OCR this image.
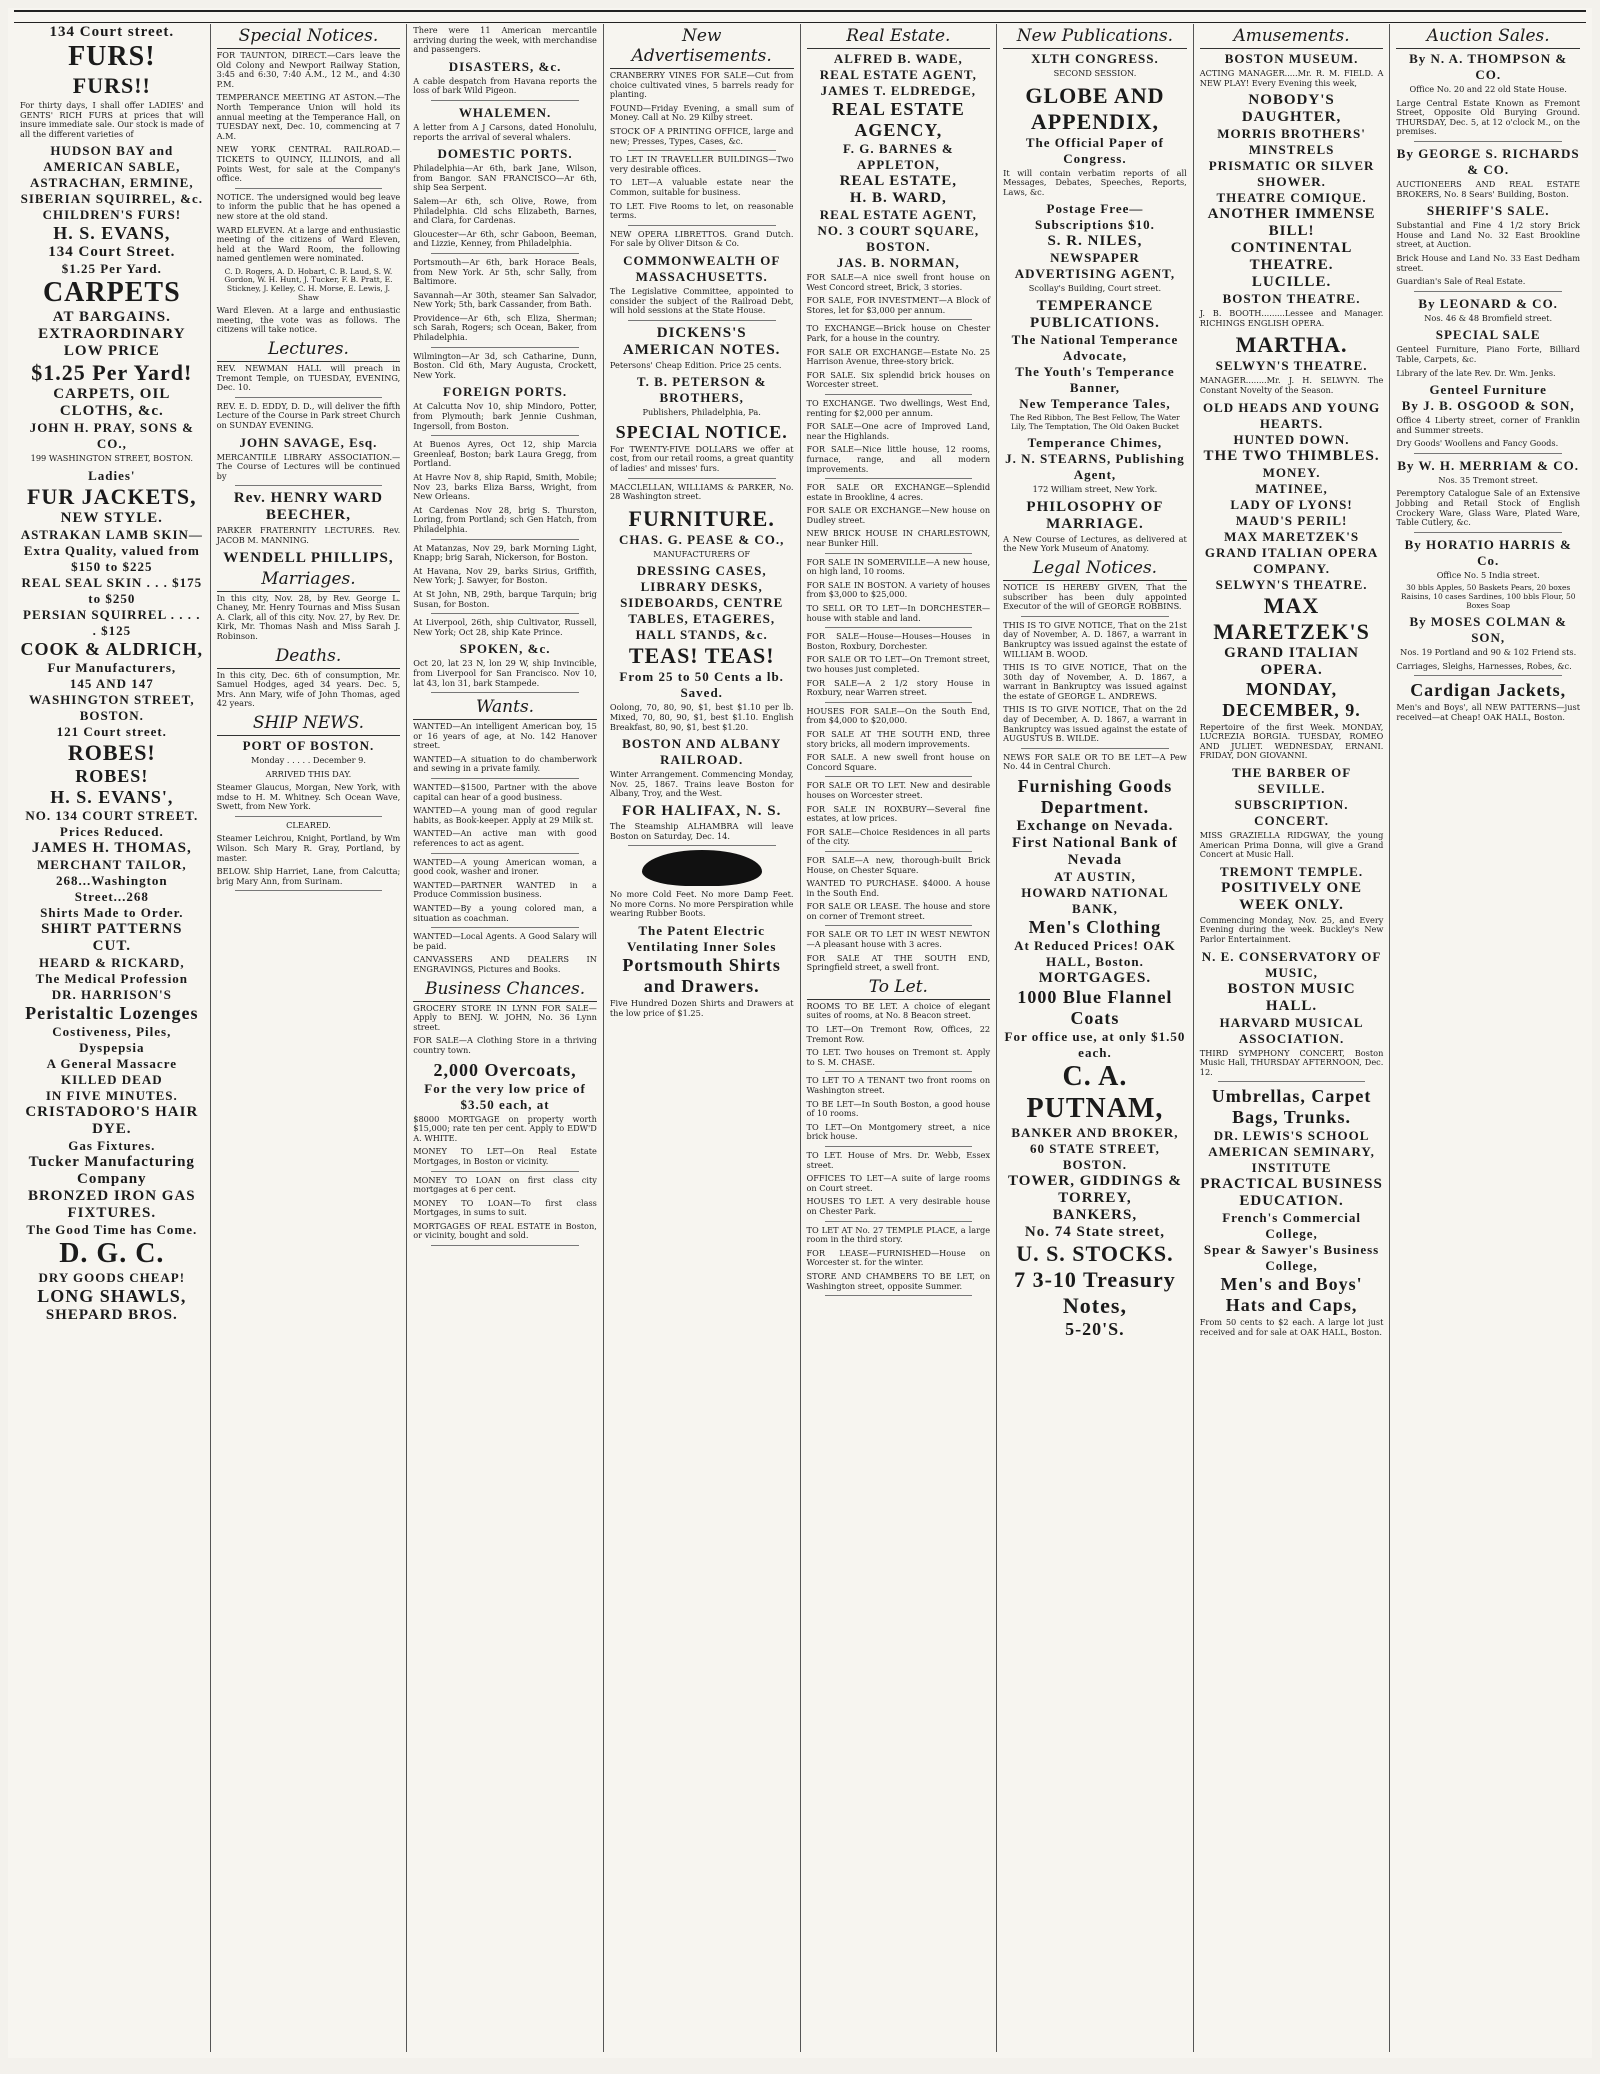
134 Court street.
FURS!
FURS!!
For thirty days, I shall offer LADIES' and GENTS' RICH FURS at prices that will insure immediate sale. Our stock is made of all the different varieties of
HUDSON BAY and AMERICAN SABLE, ASTRACHAN, ERMINE,
SIBERIAN SQUIRREL, &c.
CHILDREN'S FURS!
H. S. EVANS,
134 Court Street.
$1.25 Per Yard.
CARPETS
AT BARGAINS.
EXTRAORDINARY LOW PRICE
$1.25 Per Yard!
CARPETS, OIL CLOTHS, &c.
JOHN H. PRAY, SONS & CO.,
199 WASHINGTON STREET, BOSTON.
Ladies'
FUR JACKETS,
NEW STYLE.
ASTRAKAN LAMB SKIN—Extra Quality, valued from $150 to $225
REAL SEAL SKIN . . . $175 to $250
PERSIAN SQUIRREL . . . . . $125
COOK & ALDRICH,
Fur Manufacturers,
145 AND 147 WASHINGTON STREET,
BOSTON.
121 Court street.
ROBES!
ROBES!
H. S. EVANS',
NO. 134 COURT STREET.
Prices Reduced.
JAMES H. THOMAS,
MERCHANT TAILOR,
268...Washington Street...268
Shirts Made to Order.
SHIRT PATTERNS CUT.
HEARD & RICKARD,
The Medical Profession
DR. HARRISON'S
Peristaltic Lozenges
Costiveness, Piles, Dyspepsia
A General Massacre
KILLED DEAD
IN FIVE MINUTES.
CRISTADORO'S HAIR DYE.
Gas Fixtures.
Tucker Manufacturing Company
BRONZED IRON GAS FIXTURES.
The Good Time has Come.
D. G. C.
DRY GOODS CHEAP!
LONG SHAWLS,
SHEPARD BROS.
Special Notices.
FOR TAUNTON, DIRECT.—Cars leave the Old Colony and Newport Railway Station, 3:45 and 6:30, 7:40 A.M., 12 M., and 4:30 P.M.
TEMPERANCE MEETING AT ASTON.—The North Temperance Union will hold its annual meeting at the Temperance Hall, on TUESDAY next, Dec. 10, commencing at 7 A.M.
NEW YORK CENTRAL RAILROAD.—TICKETS to QUINCY, ILLINOIS, and all Points West, for sale at the Company's office.
NOTICE. The undersigned would beg leave to inform the public that he has opened a new store at the old stand.
WARD ELEVEN. At a large and enthusiastic meeting of the citizens of Ward Eleven, held at the Ward Room, the following named gentlemen were nominated.
C. D. Rogers, A. D. Hobart, C. B. Laud, S. W. Gordon, W. H. Hunt, J. Tucker, F. B. Pratt, E. Stickney, J. Kelley, C. H. Morse, E. Lewis, J. Shaw
Ward Eleven. At a large and enthusiastic meeting, the vote was as follows. The citizens will take notice.
Lectures.
REV. NEWMAN HALL will preach in Tremont Temple, on TUESDAY, EVENING, Dec. 10.
REV. E. D. EDDY, D. D., will deliver the fifth Lecture of the Course in Park street Church on SUNDAY EVENING.
JOHN SAVAGE, Esq.
MERCANTILE LIBRARY ASSOCIATION.—The Course of Lectures will be continued by
Rev. HENRY WARD BEECHER,
PARKER FRATERNITY LECTURES. Rev. JACOB M. MANNING.
WENDELL PHILLIPS,
Marriages.
In this city, Nov. 28, by Rev. George L. Chaney, Mr. Henry Tournas and Miss Susan A. Clark, all of this city. Nov. 27, by Rev. Dr. Kirk, Mr. Thomas Nash and Miss Sarah J. Robinson.
Deaths.
In this city, Dec. 6th of consumption, Mr. Samuel Hodges, aged 34 years. Dec. 5, Mrs. Ann Mary, wife of John Thomas, aged 42 years.
SHIP NEWS.
PORT OF BOSTON.
Monday . . . . . December 9.
ARRIVED THIS DAY.
Steamer Glaucus, Morgan, New York, with mdse to H. M. Whitney. Sch Ocean Wave, Swett, from New York.
CLEARED.
Steamer Leichrou, Knight, Portland, by Wm Wilson. Sch Mary R. Gray, Portland, by master.
BELOW. Ship Harriet, Lane, from Calcutta; brig Mary Ann, from Surinam.
There were 11 American mercantile arriving during the week, with merchandise and passengers.
DISASTERS, &c.
A cable despatch from Havana reports the loss of bark Wild Pigeon.
WHALEMEN.
A letter from A J Carsons, dated Honolulu, reports the arrival of several whalers.
DOMESTIC PORTS.
Philadelphia—Ar 6th, bark Jane, Wilson, from Bangor. SAN FRANCISCO—Ar 6th, ship Sea Serpent.
Salem—Ar 6th, sch Olive, Rowe, from Philadelphia. Cld schs Elizabeth, Barnes, and Clara, for Cardenas.
Gloucester—Ar 6th, schr Gaboon, Beeman, and Lizzie, Kenney, from Philadelphia.
Portsmouth—Ar 6th, bark Horace Beals, from New York. Ar 5th, schr Sally, from Baltimore.
Savannah—Ar 30th, steamer San Salvador, New York; 5th, bark Cassander, from Bath.
Providence—Ar 6th, sch Eliza, Sherman; sch Sarah, Rogers; sch Ocean, Baker, from Philadelphia.
Wilmington—Ar 3d, sch Catharine, Dunn, Boston. Cld 6th, Mary Augusta, Crockett, New York.
FOREIGN PORTS.
At Calcutta Nov 10, ship Mindoro, Potter, from Plymouth; bark Jennie Cushman, Ingersoll, from Boston.
At Buenos Ayres, Oct 12, ship Marcia Greenleaf, Boston; bark Laura Gregg, from Portland.
At Havre Nov 8, ship Rapid, Smith, Mobile; Nov 23, barks Eliza Barss, Wright, from New Orleans.
At Cardenas Nov 28, brig S. Thurston, Loring, from Portland; sch Gen Hatch, from Philadelphia.
At Matanzas, Nov 29, bark Morning Light, Knapp; brig Sarah, Nickerson, for Boston.
At Havana, Nov 29, barks Sirius, Griffith, New York; J. Sawyer, for Boston.
At St John, NB, 29th, barque Tarquin; brig Susan, for Boston.
At Liverpool, 26th, ship Cultivator, Russell, New York; Oct 28, ship Kate Prince.
SPOKEN, &c.
Oct 20, lat 23 N, lon 29 W, ship Invincible, from Liverpool for San Francisco. Nov 10, lat 43, lon 31, bark Stampede.
Wants.
WANTED—An intelligent American boy, 15 or 16 years of age, at No. 142 Hanover street.
WANTED—A situation to do chamberwork and sewing in a private family.
WANTED—$1500, Partner with the above capital can hear of a good business.
WANTED—A young man of good regular habits, as Book-keeper. Apply at 29 Milk st.
WANTED—An active man with good references to act as agent.
WANTED—A young American woman, a good cook, washer and ironer.
WANTED—PARTNER WANTED in a Produce Commission business.
WANTED—By a young colored man, a situation as coachman.
WANTED—Local Agents. A Good Salary will be paid.
CANVASSERS AND DEALERS IN ENGRAVINGS, Pictures and Books.
Business Chances.
GROCERY STORE IN LYNN FOR SALE—Apply to BENJ. W. JOHN, No. 36 Lynn street.
FOR SALE—A Clothing Store in a thriving country town.
2,000 Overcoats,
For the very low price of $3.50 each, at
$8000 MORTGAGE on property worth $15,000; rate ten per cent. Apply to EDW'D A. WHITE.
MONEY TO LET—On Real Estate Mortgages, in Boston or vicinity.
MONEY TO LOAN on first class city mortgages at 6 per cent.
MONEY TO LOAN—To first class Mortgages, in sums to suit.
MORTGAGES OF REAL ESTATE in Boston, or vicinity, bought and sold.
New Advertisements.
CRANBERRY VINES FOR SALE—Cut from choice cultivated vines, 5 barrels ready for planting.
FOUND—Friday Evening, a small sum of Money. Call at No. 29 Kilby street.
STOCK OF A PRINTING OFFICE, large and new; Presses, Types, Cases, &c.
TO LET IN TRAVELLER BUILDINGS—Two very desirable offices.
TO LET—A valuable estate near the Common, suitable for business.
TO LET. Five Rooms to let, on reasonable terms.
NEW OPERA LIBRETTOS. Grand Dutch. For sale by Oliver Ditson & Co.
COMMONWEALTH OF MASSACHUSETTS.
The Legislative Committee, appointed to consider the subject of the Railroad Debt, will hold sessions at the State House.
DICKENS'S AMERICAN NOTES.
Petersons' Cheap Edition. Price 25 cents.
T. B. PETERSON & BROTHERS,
Publishers, Philadelphia, Pa.
SPECIAL NOTICE.
For TWENTY-FIVE DOLLARS we offer at cost, from our retail rooms, a great quantity of ladies' and misses' furs.
MACCLELLAN, WILLIAMS & PARKER, No. 28 Washington street.
FURNITURE.
CHAS. G. PEASE & CO.,
MANUFACTURERS OF
DRESSING CASES, LIBRARY DESKS, SIDEBOARDS, CENTRE TABLES, ETAGERES, HALL STANDS, &c.
TEAS! TEAS!
From 25 to 50 Cents a lb. Saved.
Oolong, 70, 80, 90, $1, best $1.10 per lb. Mixed, 70, 80, 90, $1, best $1.10. English Breakfast, 80, 90, $1, best $1.20.
BOSTON AND ALBANY RAILROAD.
Winter Arrangement. Commencing Monday, Nov. 25, 1867. Trains leave Boston for Albany, Troy, and the West.
FOR HALIFAX, N. S.
The Steamship ALHAMBRA will leave Boston on Saturday, Dec. 14.
No more Cold Feet. No more Damp Feet. No more Corns. No more Perspiration while wearing Rubber Boots.
The Patent Electric Ventilating Inner Soles
Portsmouth Shirts and Drawers.
Five Hundred Dozen Shirts and Drawers at the low price of $1.25.
Real Estate.
ALFRED B. WADE,
REAL ESTATE AGENT,
JAMES T. ELDREDGE,
REAL ESTATE AGENCY,
F. G. BARNES & APPLETON,
REAL ESTATE,
H. B. WARD,
REAL ESTATE AGENT,
NO. 3 COURT SQUARE, BOSTON.
JAS. B. NORMAN,
FOR SALE—A nice swell front house on West Concord street, Brick, 3 stories.
FOR SALE, FOR INVESTMENT—A Block of Stores, let for $3,000 per annum.
TO EXCHANGE—Brick house on Chester Park, for a house in the country.
FOR SALE OR EXCHANGE—Estate No. 25 Harrison Avenue, three-story brick.
FOR SALE. Six splendid brick houses on Worcester street.
TO EXCHANGE. Two dwellings, West End, renting for $2,000 per annum.
FOR SALE—One acre of Improved Land, near the Highlands.
FOR SALE—Nice little house, 12 rooms, furnace, range, and all modern improvements.
FOR SALE OR EXCHANGE—Splendid estate in Brookline, 4 acres.
FOR SALE OR EXCHANGE—New house on Dudley street.
NEW BRICK HOUSE IN CHARLESTOWN, near Bunker Hill.
FOR SALE IN SOMERVILLE—A new house, on high land, 10 rooms.
FOR SALE IN BOSTON. A variety of houses from $3,000 to $25,000.
TO SELL OR TO LET—In DORCHESTER—house with stable and land.
FOR SALE—House—Houses—Houses in Boston, Roxbury, Dorchester.
FOR SALE OR TO LET—On Tremont street, two houses just completed.
FOR SALE—A 2 1/2 story House in Roxbury, near Warren street.
HOUSES FOR SALE—On the South End, from $4,000 to $20,000.
FOR SALE AT THE SOUTH END, three story bricks, all modern improvements.
FOR SALE. A new swell front house on Concord Square.
FOR SALE OR TO LET. New and desirable houses on Worcester street.
FOR SALE IN ROXBURY—Several fine estates, at low prices.
FOR SALE—Choice Residences in all parts of the city.
FOR SALE—A new, thorough-built Brick House, on Chester Square.
WANTED TO PURCHASE. $4000. A house in the South End.
FOR SALE OR LEASE. The house and store on corner of Tremont street.
FOR SALE OR TO LET IN WEST NEWTON—A pleasant house with 3 acres.
FOR SALE AT THE SOUTH END, Springfield street, a swell front.
To Let.
ROOMS TO BE LET. A choice of elegant suites of rooms, at No. 8 Beacon street.
TO LET—On Tremont Row, Offices, 22 Tremont Row.
TO LET. Two houses on Tremont st. Apply to S. M. CHASE.
TO LET TO A TENANT two front rooms on Washington street.
TO BE LET—In South Boston, a good house of 10 rooms.
TO LET—On Montgomery street, a nice brick house.
TO LET. House of Mrs. Dr. Webb, Essex street.
OFFICES TO LET—A suite of large rooms on Court street.
HOUSES TO LET. A very desirable house on Chester Park.
TO LET AT No. 27 TEMPLE PLACE, a large room in the third story.
FOR LEASE—FURNISHED—House on Worcester st. for the winter.
STORE AND CHAMBERS TO BE LET, on Washington street, opposite Summer.
New Publications.
XLTH CONGRESS.
SECOND SESSION.
GLOBE AND APPENDIX,
The Official Paper of Congress.
It will contain verbatim reports of all Messages, Debates, Speeches, Reports, Laws, &c.
Postage Free—Subscriptions $10.
S. R. NILES,
NEWSPAPER ADVERTISING AGENT,
Scollay's Building, Court street.
TEMPERANCE PUBLICATIONS.
The National Temperance Advocate,
The Youth's Temperance Banner,
New Temperance Tales,
The Red Ribbon, The Best Fellow, The Water Lily, The Temptation, The Old Oaken Bucket
Temperance Chimes,
J. N. STEARNS, Publishing Agent,
172 William street, New York.
PHILOSOPHY OF MARRIAGE.
A New Course of Lectures, as delivered at the New York Museum of Anatomy.
Legal Notices.
NOTICE IS HEREBY GIVEN, That the subscriber has been duly appointed Executor of the will of GEORGE ROBBINS.
THIS IS TO GIVE NOTICE, That on the 21st day of November, A. D. 1867, a warrant in Bankruptcy was issued against the estate of WILLIAM B. WOOD.
THIS IS TO GIVE NOTICE, That on the 30th day of November, A. D. 1867, a warrant in Bankruptcy was issued against the estate of GEORGE L. ANDREWS.
THIS IS TO GIVE NOTICE, That on the 2d day of December, A. D. 1867, a warrant in Bankruptcy was issued against the estate of AUGUSTUS B. WILDE.
NEWS FOR SALE OR TO BE LET—A Pew No. 44 in Central Church.
Furnishing Goods Department.
Exchange on Nevada.
First National Bank of Nevada
AT AUSTIN,
HOWARD NATIONAL BANK,
Men's Clothing
At Reduced Prices! OAK HALL, Boston.
MORTGAGES.
1000 Blue Flannel Coats
For office use, at only $1.50 each.
C. A. PUTNAM,
BANKER AND BROKER,
60 STATE STREET, BOSTON.
TOWER, GIDDINGS & TORREY,
BANKERS,
No. 74 State street,
U. S. STOCKS.
7 3-10 Treasury Notes,
5-20'S.
Amusements.
BOSTON MUSEUM.
ACTING MANAGER.....Mr. R. M. FIELD. A NEW PLAY! Every Evening this week,
NOBODY'S DAUGHTER,
MORRIS BROTHERS' MINSTRELS
PRISMATIC OR SILVER SHOWER.
THEATRE COMIQUE.
ANOTHER IMMENSE BILL!
CONTINENTAL THEATRE.
LUCILLE.
BOSTON THEATRE.
J. B. BOOTH.........Lessee and Manager. RICHINGS ENGLISH OPERA.
MARTHA.
SELWYN'S THEATRE.
MANAGER........Mr. J. H. SELWYN. The Constant Novelty of the Season.
OLD HEADS AND YOUNG HEARTS.
HUNTED DOWN.
THE TWO THIMBLES.
MONEY.
MATINEE,
LADY OF LYONS!
MAUD'S PERIL!
MAX MARETZEK'S
GRAND ITALIAN OPERA COMPANY.
SELWYN'S THEATRE.
MAX MARETZEK'S
GRAND ITALIAN OPERA.
MONDAY, DECEMBER, 9.
Repertoire of the first Week. MONDAY, LUCREZIA BORGIA. TUESDAY, ROMEO AND JULIET. WEDNESDAY, ERNANI. FRIDAY, DON GIOVANNI.
THE BARBER OF SEVILLE.
SUBSCRIPTION.
CONCERT.
MISS GRAZIELLA RIDGWAY, the young American Prima Donna, will give a Grand Concert at Music Hall.
TREMONT TEMPLE.
POSITIVELY ONE WEEK ONLY.
Commencing Monday, Nov. 25, and Every Evening during the week. Buckley's New Parlor Entertainment.
N. E. CONSERVATORY OF MUSIC,
BOSTON MUSIC HALL.
HARVARD MUSICAL ASSOCIATION.
THIRD SYMPHONY CONCERT, Boston Music Hall, THURSDAY AFTERNOON, Dec. 12.
Umbrellas, Carpet Bags, Trunks.
DR. LEWIS'S SCHOOL
AMERICAN SEMINARY, INSTITUTE
PRACTICAL BUSINESS EDUCATION.
French's Commercial College,
Spear & Sawyer's Business College,
Men's and Boys' Hats and Caps,
From 50 cents to $2 each. A large lot just received and for sale at OAK HALL, Boston.
Auction Sales.
By N. A. THOMPSON & CO.
Office No. 20 and 22 old State House.
Large Central Estate Known as Fremont Street, Opposite Old Burying Ground. THURSDAY, Dec. 5, at 12 o'clock M., on the premises.
By GEORGE S. RICHARDS & CO.
AUCTIONEERS AND REAL ESTATE BROKERS, No. 8 Sears' Building, Boston.
SHERIFF'S SALE.
Substantial and Fine 4 1/2 story Brick House and Land No. 32 East Brookline street, at Auction.
Brick House and Land No. 33 East Dedham street.
Guardian's Sale of Real Estate.
By LEONARD & CO.
Nos. 46 & 48 Bromfield street.
SPECIAL SALE
Genteel Furniture, Piano Forte, Billiard Table, Carpets, &c.
Library of the late Rev. Dr. Wm. Jenks.
Genteel Furniture
By J. B. OSGOOD & SON,
Office 4 Liberty street, corner of Franklin and Summer streets.
Dry Goods' Woollens and Fancy Goods.
By W. H. MERRIAM & CO.
Nos. 35 Tremont street.
Peremptory Catalogue Sale of an Extensive Jobbing and Retail Stock of English Crockery Ware, Glass Ware, Plated Ware, Table Cutlery, &c.
By HORATIO HARRIS & Co.
Office No. 5 India street.
30 bbls Apples, 50 Baskets Pears, 20 boxes Raisins, 10 cases Sardines, 100 bbls Flour, 50 Boxes Soap
By MOSES COLMAN & SON,
Nos. 19 Portland and 90 & 102 Friend sts.
Carriages, Sleighs, Harnesses, Robes, &c.
Cardigan Jackets,
Men's and Boys', all NEW PATTERNS—just received—at Cheap! OAK HALL, Boston.
